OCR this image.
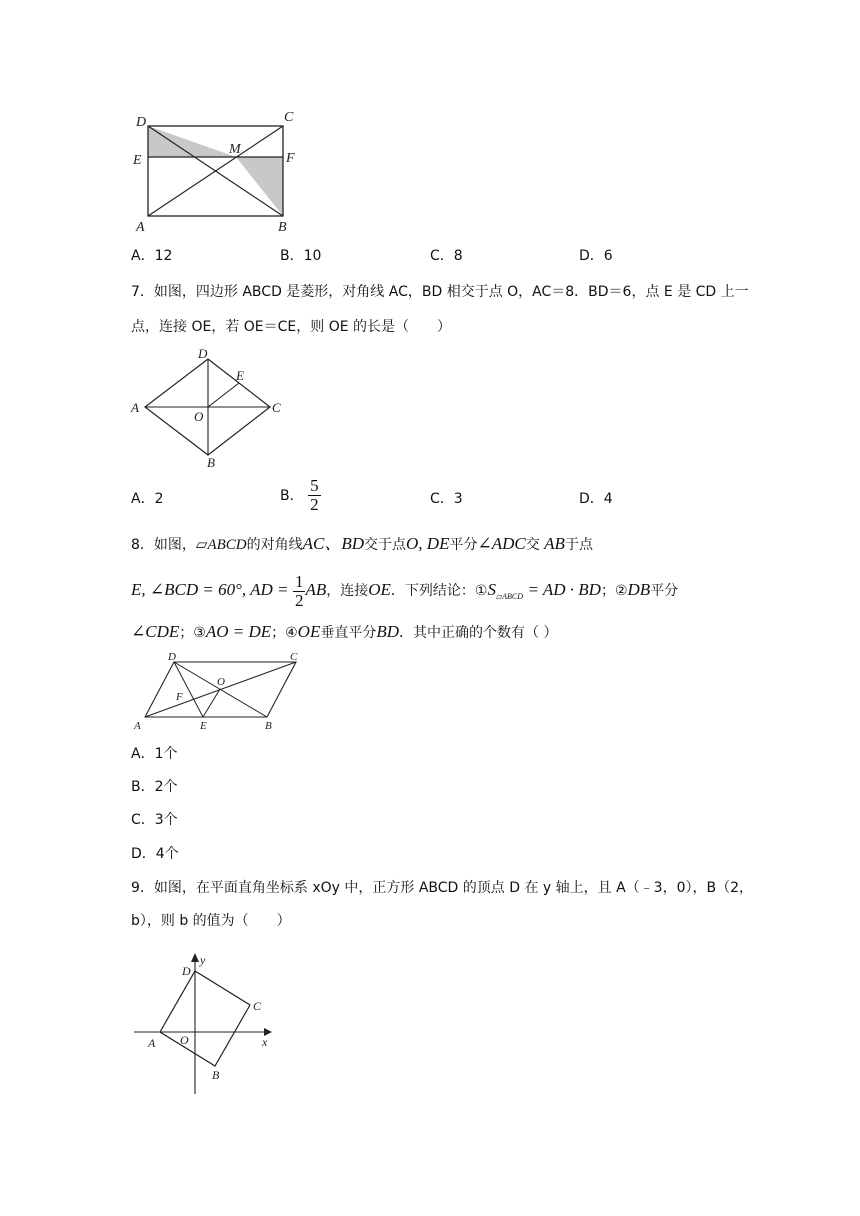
D	C
E
M
F
A	B
A．12	B．10	C．8	D．6
7．如图，四边形 ABCD 是菱形，对角线 AC，BD 相交于点 O，AC＝8．BD＝6，点 E 是 CD 上一
点，连接 OE，若 OE＝CE，则 OE 的长是（　　）
D
E
A
O
C
B
A．2	B． $\frac{5}{2}$	C．3	D．4
8．如图，▱ABCD的对角线AC、BD交于点O, DE平分∠ADC交 AB于点
E, ∠BCD = 60°, AD = $\frac{1}{2}$ AB，连接OE．下列结论：$①S_{▱ABCD}$ = AD · BD；②DB平分
∠CDE；③AO = DE；④OE垂直平分BD．其中正确的个数有（ ）
D	C
O
F
A	E	B
A．1个
B．2个
C．3个
D．4个
9．如图，在平面直角坐标系 xOy 中，正方形 ABCD 的顶点 D 在 y 轴上，且 A（﹣3，0），B（2，
b），则 b 的值为（　　）
y
D
C
A O	x
B
